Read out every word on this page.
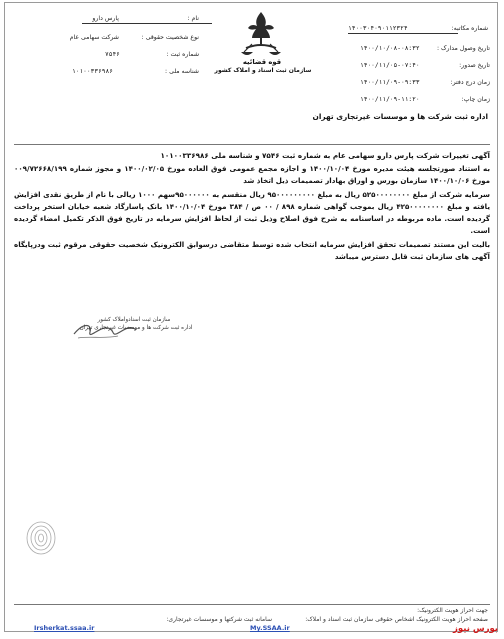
شماره مکاتبه:
۱۴۰۰۳۰۴۰۹۰۱۱۲۳۲۴
تاریخ وصول مدارک :
۱۴۰۰/۱۰/۰۸-۰۸:۳۲
تاریخ صدور:
۱۴۰۰/۱۱/۰۵-۰۷:۴۰
زمان درج دفتر:
۱۴۰۰/۱۱/۰۹-۰۹:۳۳
زمان چاپ:
۱۴۰۰/۱۱/۰۹-۱۱:۲۰
قوه قضائیه
سازمان ثبت اسناد و املاک کشور
نام :
پارس دارو
نوع شخصیت حقوقی :
شرکت سهامی عام
شماره ثبت :
۷۵۴۶
شناسه ملی :
۱۰۱۰۰۳۳۶۹۸۶
اداره ثبت شرکت ها و موسسات غیرتجاری تهران
آگهی تغییرات شرکت پارس دارو سهامی عام به شماره ثبت ۷۵۴۶ و شناسه ملی ۱۰۱۰۰۳۳۶۹۸۶

به استناد صورتجلسه هیئت مدیره مورخ ۱۴۰۰/۱۰/۰۴ و اجازه مجمع عمومی فوق العاده مورخ ۱۴۰۰/۰۲/۰۵ و مجوز شماره ۰۰۹/۷۲۶۶۸/۱۹۹ مورخ ۱۴۰۰/۱۰/۰۶ سازمان بورس و اوراق بهادار تصمیمات ذیل اتخاذ شد

سرمایه شرکت از مبلغ ۵۲۵۰۰۰۰۰۰۰۰ ریال به مبلغ ۹۵۰۰۰۰۰۰۰۰۰ ریال منقسم به ۹۵۰۰۰۰۰۰سهم ۱۰۰۰ ریالی با نام از طریق نقدی افزایش یافته و مبلغ ۴۲۵۰۰۰۰۰۰۰۰ ریال بموجب گواهی شماره ۸۹۸ / ۰۰ ص / ۳۸۴ مورخ ۱۴۰۰/۱۰/۰۴ بانک پاسارگاد شعبه خیابان استخر پرداخت گردیده است. ماده مربوطه در اساسنامه به شرح فوق اصلاح وذیل ثبت از لحاظ افزایش سرمایه در تاریخ فوق الذکر تکمیل امضاء گردیده است.

بالیت این مستند تصمیمات تحقق افزایش سرمایه انتخاب شده توسط متقاضی درسوابق الکترونیک شخصیت حقوقی مرقوم ثبت ودرپایگاه آگهی های سازمان ثبت قابل دسترس میباشد

سازمان ثبت اسنادواملاک کشور
اداره ثبت شرکت ها و موسسات غیرتجاری تهران
جهت احراز هویت الکترونیک:
صفحه احراز هویت الکترونیک اشخاص حقوقی سازمان ثبت اسناد و املاک:
سامانه ثبت شرکتها و موسسات غیرتجاری:
My.SSAA.ir
Irsherkat.ssaa.ir	بورس نیوز
